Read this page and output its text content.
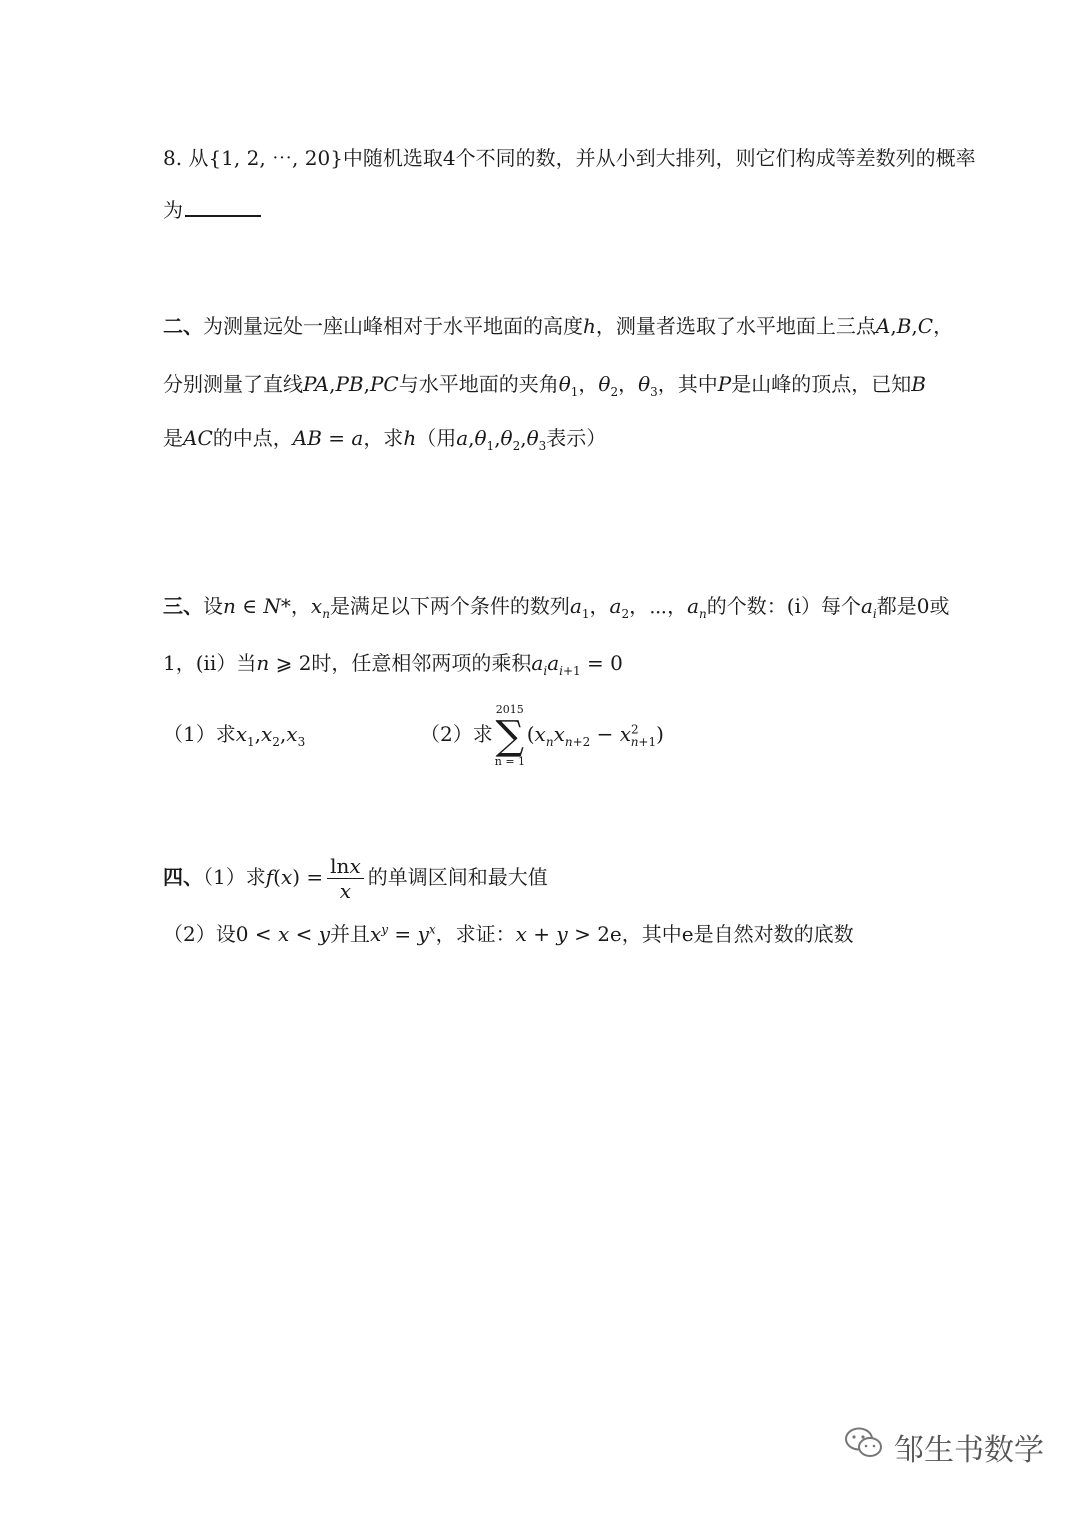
8. 从{1, 2, ⋯, 20}中随机选取4个不同的数，并从小到大排列，则它们构成等差数列的概率
为
二、为测量远处一座山峰相对于水平地面的高度h，测量者选取了水平地面上三点A,B,C，
分别测量了直线PA,PB,PC与水平地面的夹角$\theta_1$，$\theta_2$，$\theta_3$，其中P是山峰的顶点，已知B
是AC的中点，AB = a，求h（用$a,\theta_1,\theta_2,\theta_3$表示）
三、设n ∈ N*，$x_n$是满足以下两个条件的数列$a_1$，$a_2$，⋯，$a_n$的个数：(ⅰ）每个$a_i$都是0或
1，(ⅱ）当n ⩾ 2时，任意相邻两项的乘积$a_ia_{i+1} = 0$
（1）求$x_1,x_2,x_3$	（2）求
2015
∑
n = 1
$(x_nx_{n+2} - x^2_{n+1})$
四、（1）求$f(x) = \frac{\ln x}{x}$ 的单调区间和最大值
（2）设0 < x < y并且$x^y = y^x$，求证：x + y > 2e，其中e是自然对数的底数
邹生书数学
